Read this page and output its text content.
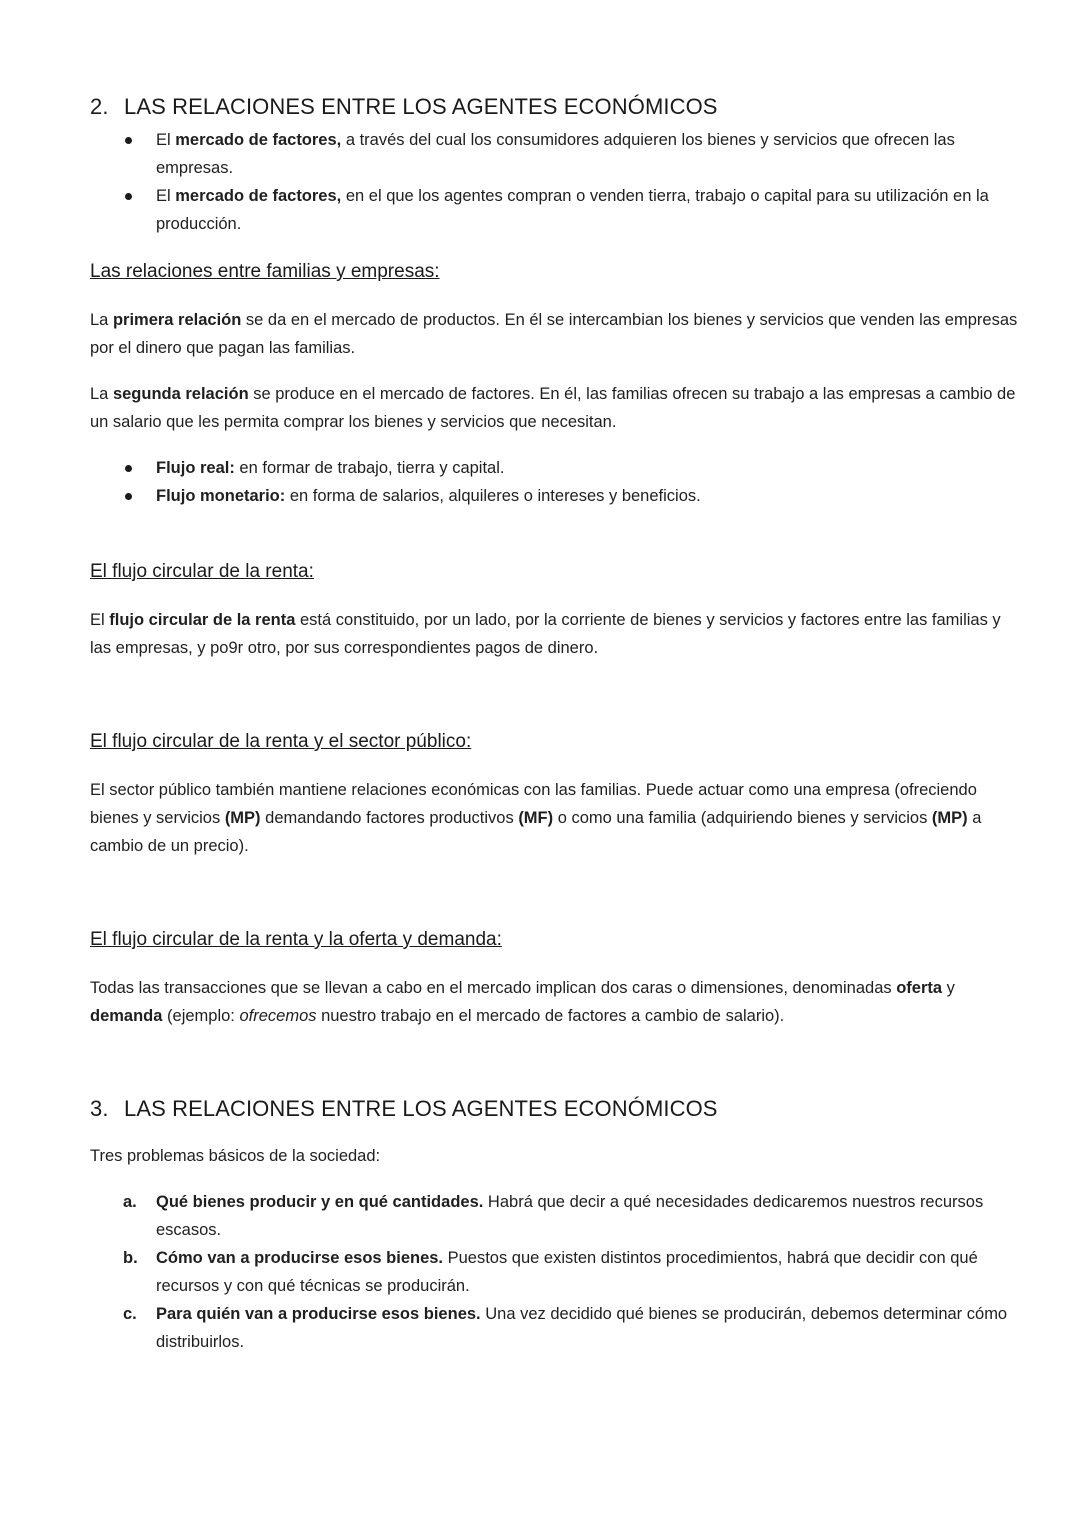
2. LAS RELACIONES ENTRE LOS AGENTES ECONÓMICOS
El mercado de factores, a través del cual los consumidores adquieren los bienes y servicios que ofrecen las empresas.
El mercado de factores, en el que los agentes compran o venden tierra, trabajo o capital para su utilización en la producción.

Las relaciones entre familias y empresas:

La primera relación se da en el mercado de productos. En él se intercambian los bienes y servicios que venden las empresas por el dinero que pagan las familias.

La segunda relación se produce en el mercado de factores. En él, las familias ofrecen su trabajo a las empresas a cambio de un salario que les permita comprar los bienes y servicios que necesitan.

Flujo real: en formar de trabajo, tierra y capital.
Flujo monetario: en forma de salarios, alquileres o intereses y beneficios.

El flujo circular de la renta:

El flujo circular de la renta está constituido, por un lado, por la corriente de bienes y servicios y factores entre las familias y las empresas, y po9r otro, por sus correspondientes pagos de dinero.

El flujo circular de la renta y el sector público:

El sector público también mantiene relaciones económicas con las familias. Puede actuar como una empresa (ofreciendo bienes y servicios (MP) demandando factores productivos (MF) o como una familia (adquiriendo bienes y servicios (MP) a cambio de un precio).

El flujo circular de la renta y la oferta y demanda:

Todas las transacciones que se llevan a cabo en el mercado implican dos caras o dimensiones, denominadas oferta y demanda (ejemplo: ofrecemos nuestro trabajo en el mercado de factores a cambio de salario).

3. LAS RELACIONES ENTRE LOS AGENTES ECONÓMICOS

Tres problemas básicos de la sociedad:

a. Qué bienes producir y en qué cantidades. Habrá que decir a qué necesidades dedicaremos nuestros recursos escasos.
b. Cómo van a producirse esos bienes. Puestos que existen distintos procedimientos, habrá que decidir con qué recursos y con qué técnicas se producirán.
c. Para quién van a producirse esos bienes. Una vez decidido qué bienes se producirán, debemos determinar cómo distribuirlos.
